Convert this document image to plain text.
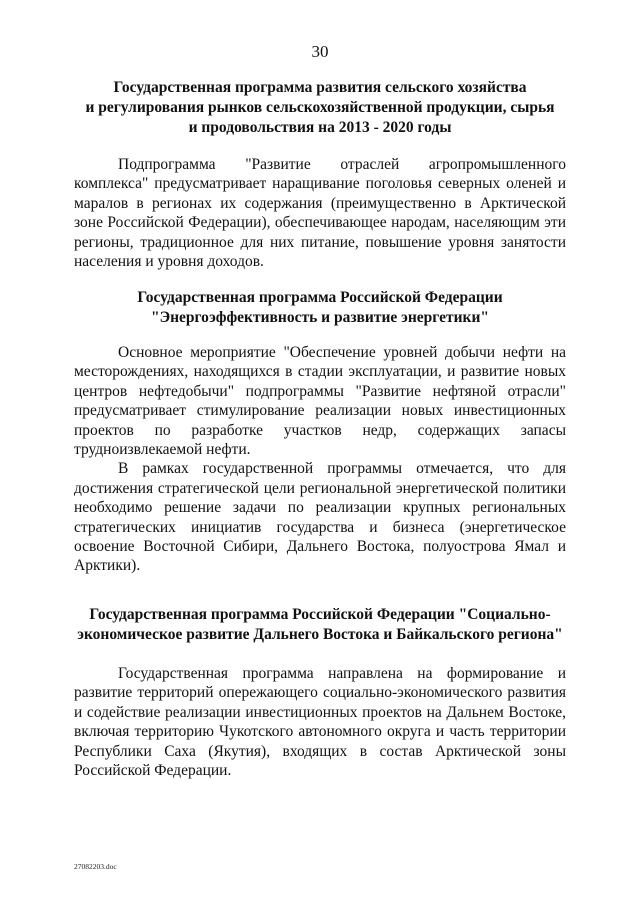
30
Государственная программа развития сельского хозяйства
и регулирования рынков сельскохозяйственной продукции, сырья
и продовольствия на 2013 - 2020 годы

Подпрограмма "Развитие отраслей агропромышленного комплекса" предусматривает наращивание поголовья северных оленей и маралов в регионах их содержания (преимущественно в Арктической зоне Российской Федерации), обеспечивающее народам, населяющим эти регионы, традиционное для них питание, повышение уровня занятости населения и уровня доходов.

Государственная программа Российской Федерации
"Энергоэффективность и развитие энергетики"

Основное мероприятие "Обеспечение уровней добычи нефти на месторождениях, находящихся в стадии эксплуатации, и развитие новых центров нефтедобычи" подпрограммы "Развитие нефтяной отрасли" предусматривает стимулирование реализации новых инвестиционных проектов по разработке участков недр, содержащих запасы трудноизвлекаемой нефти.

В рамках государственной программы отмечается, что для достижения стратегической цели региональной энергетической политики необходимо решение задачи по реализации крупных региональных стратегических инициатив государства и бизнеса (энергетическое освоение Восточной Сибири, Дальнего Востока, полуострова Ямал и Арктики).

Государственная программа Российской Федерации "Социально-
экономическое развитие Дальнего Востока и Байкальского региона"

Государственная программа направлена на формирование и развитие территорий опережающего социально-экономического развития и содействие реализации инвестиционных проектов на Дальнем Востоке, включая территорию Чукотского автономного округа и часть территории Республики Саха (Якутия), входящих в состав Арктической зоны Российской Федерации.

27082203.doc
